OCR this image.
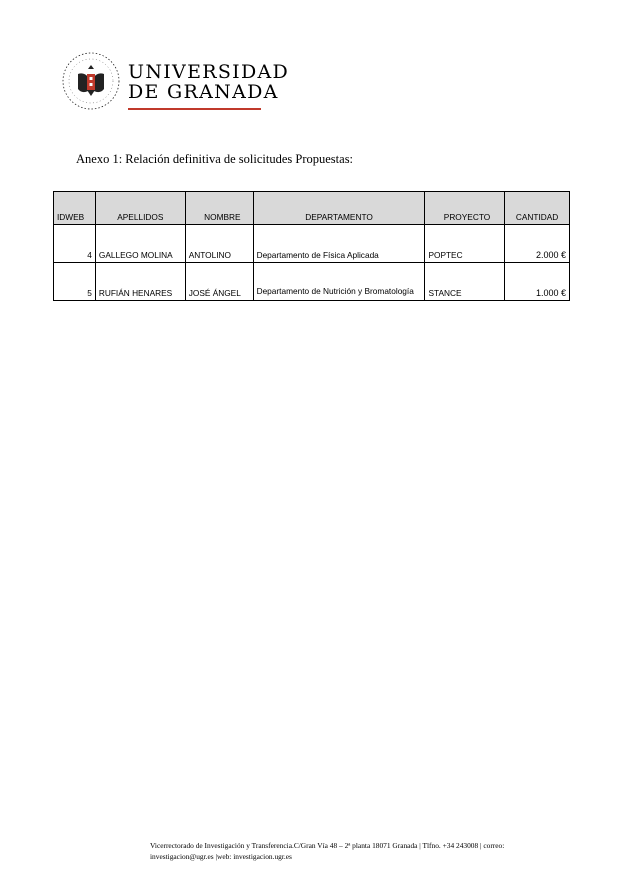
UNIVERSIDAD
DE GRANADA
Anexo 1: Relación definitiva de solicitudes Propuestas:
IDWEB	APELLIDOS	NOMBRE	DEPARTAMENTO	PROYECTO	CANTIDAD
4	GALLEGO MOLINA	ANTOLINO	Departamento de Física Aplicada	POPTEC	2.000 €
5	RUFIÁN HENARES	JOSÉ ÁNGEL	Departamento de Nutrición y Bromatología	STANCE	1.000 €
Vicerrectorado de Investigación y Transferencia.C/Gran Vía 48 – 2ª planta 18071 Granada | Tlfno. +34 243008 | correo:
investigacion@ugr.es |web: investigacion.ugr.es
